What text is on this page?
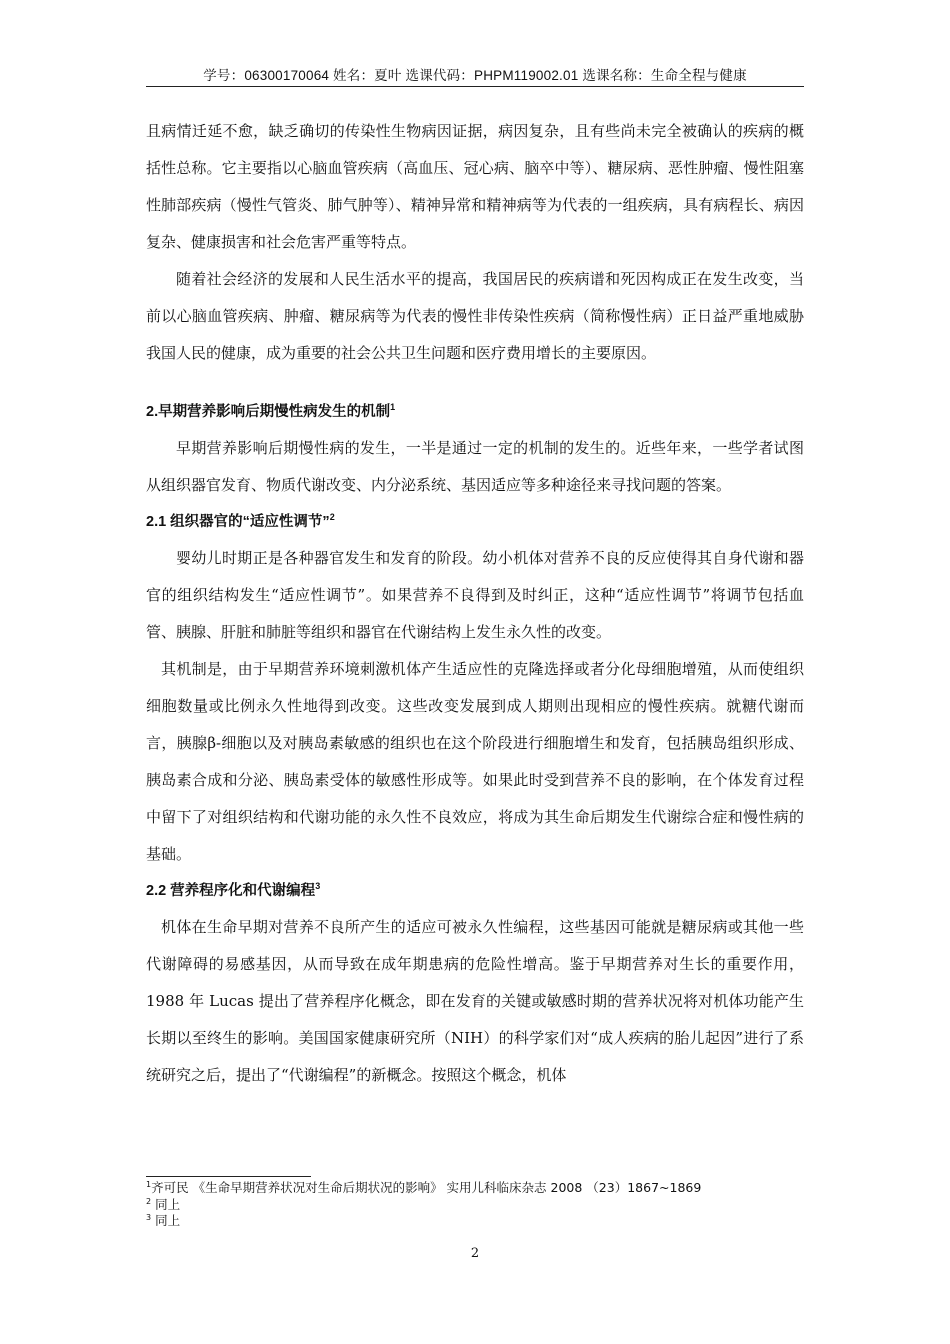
学号：06300170064 姓名：夏叶 选课代码：PHPM119002.01 选课名称：生命全程与健康

且病情迁延不愈，缺乏确切的传染性生物病因证据，病因复杂，且有些尚未完全被确认的疾病的概括性总称。它主要指以心脑血管疾病（高血压、冠心病、脑卒中等）、糖尿病、恶性肿瘤、慢性阻塞性肺部疾病（慢性气管炎、肺气肿等）、精神异常和精神病等为代表的一组疾病，具有病程长、病因复杂、健康损害和社会危害严重等特点。

随着社会经济的发展和人民生活水平的提高，我国居民的疾病谱和死因构成正在发生改变，当前以心脑血管疾病、肿瘤、糖尿病等为代表的慢性非传染性疾病（简称慢性病）正日益严重地威胁我国人民的健康，成为重要的社会公共卫生问题和医疗费用增长的主要原因。

2.早期营养影响后期慢性病发生的机制$^1$

早期营养影响后期慢性病的发生，一半是通过一定的机制的发生的。近些年来，一些学者试图从组织器官发育、物质代谢改变、内分泌系统、基因适应等多种途径来寻找问题的答案。

2.1 组织器官的“适应性调节”$^2$

婴幼儿时期正是各种器官发生和发育的阶段。幼小机体对营养不良的反应使得其自身代谢和器官的组织结构发生“适应性调节”。如果营养不良得到及时纠正，这种“适应性调节”将调节包括血管、胰腺、肝脏和肺脏等组织和器官在代谢结构上发生永久性的改变。

其机制是，由于早期营养环境刺激机体产生适应性的克隆选择或者分化母细胞增殖，从而使组织细胞数量或比例永久性地得到改变。这些改变发展到成人期则出现相应的慢性疾病。就糖代谢而言，胰腺β-细胞以及对胰岛素敏感的组织也在这个阶段进行细胞增生和发育，包括胰岛组织形成、胰岛素合成和分泌、胰岛素受体的敏感性形成等。如果此时受到营养不良的影响，在个体发育过程中留下了对组织结构和代谢功能的永久性不良效应，将成为其生命后期发生代谢综合症和慢性病的基础。

2.2 营养程序化和代谢编程$^3$

机体在生命早期对营养不良所产生的适应可被永久性编程，这些基因可能就是糖尿病或其他一些代谢障碍的易感基因，从而导致在成年期患病的危险性增高。鉴于早期营养对生长的重要作用，1988 年 Lucas 提出了营养程序化概念，即在发育的关键或敏感时期的营养状况将对机体功能产生长期以至终生的影响。美国国家健康研究所（NIH）的科学家们对“成人疾病的胎儿起因”进行了系统研究之后，提出了“代谢编程”的新概念。按照这个概念，机体

$^1$齐可民 《生命早期营养状况对生命后期状况的影响》 实用儿科临床杂志 2008 （23）1867~1869
$^2$ 同上
$^3$ 同上
2
